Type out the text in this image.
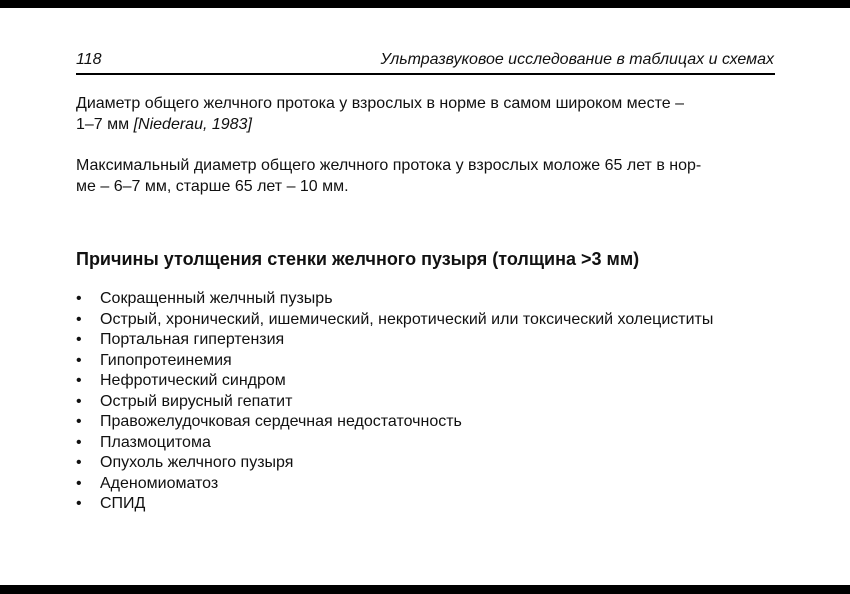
118	Ультразвуковое исследование в таблицах и схемах

Диаметр общего желчного протока у взрослых в норме в самом широком месте –
1–7 мм [Niederau, 1983]

Максимальный диаметр общего желчного протока у взрослых моложе 65 лет в нор-
ме – 6–7 мм, старше 65 лет – 10 мм.

Причины утолщения стенки желчного пузыря (толщина >3 мм)
• Сокращенный желчный пузырь
• Острый, хронический, ишемический, некротический или токсический холециститы
• Портальная гипертензия
• Гипопротеинемия
• Нефротический синдром
• Острый вирусный гепатит
• Правожелудочковая сердечная недостаточность
• Плазмоцитома
• Опухоль желчного пузыря
• Аденомиоматоз
• СПИД
